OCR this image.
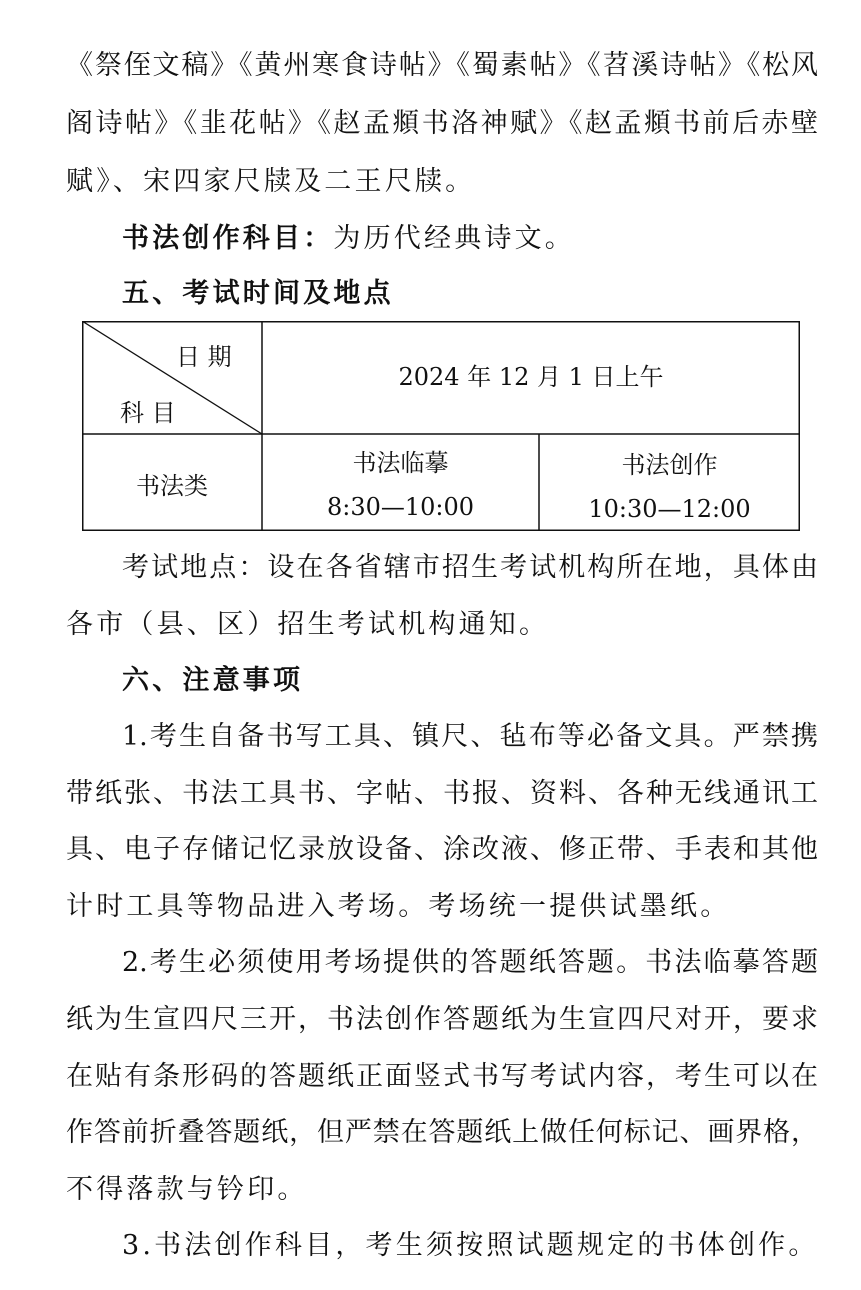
《祭侄文稿》《黄州寒食诗帖》《蜀素帖》《苕溪诗帖》《松风
阁诗帖》《韭花帖》《赵孟頫书洛神赋》《赵孟頫书前后赤壁
赋》、宋四家尺牍及二王尺牍。
书法创作科目：为历代经典诗文。
五、考试时间及地点
日 期
科 目
2024 年 12 月 1 日上午
书法类
书法临摹
8:30—10:00
书法创作
10:30—12:00
考试地点：设在各省辖市招生考试机构所在地，具体由
各市（县、区）招生考试机构通知。
六、注意事项
1.考生自备书写工具、镇尺、毡布等必备文具。严禁携
带纸张、书法工具书、字帖、书报、资料、各种无线通讯工
具、电子存储记忆录放设备、涂改液、修正带、手表和其他
计时工具等物品进入考场。考场统一提供试墨纸。
2.考生必须使用考场提供的答题纸答题。书法临摹答题
纸为生宣四尺三开，书法创作答题纸为生宣四尺对开，要求
在贴有条形码的答题纸正面竖式书写考试内容，考生可以在
作答前折叠答题纸，但严禁在答题纸上做任何标记、画界格，
不得落款与钤印。
3.书法创作科目，考生须按照试题规定的书体创作。
